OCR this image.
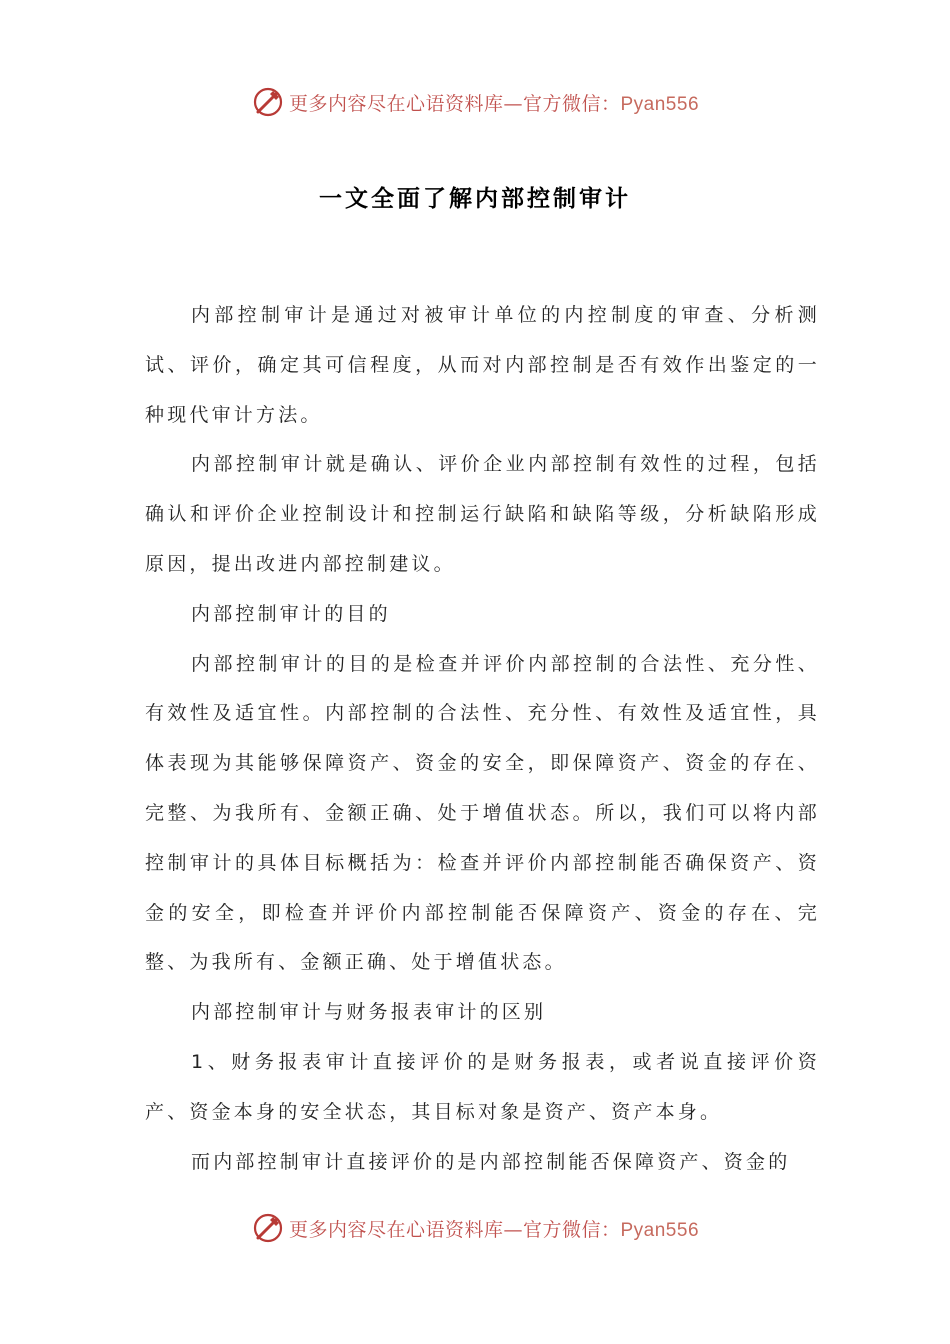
更多内容尽在心语资料库—官方微信：Pyan556
一文全面了解内部控制审计

内部控制审计是通过对被审计单位的内控制度的审查、分析测试、评价，确定其可信程度，从而对内部控制是否有效作出鉴定的一种现代审计方法。

内部控制审计就是确认、评价企业内部控制有效性的过程，包括确认和评价企业控制设计和控制运行缺陷和缺陷等级，分析缺陷形成原因，提出改进内部控制建议。

内部控制审计的目的

内部控制审计的目的是检查并评价内部控制的合法性、充分性、有效性及适宜性。内部控制的合法性、充分性、有效性及适宜性，具体表现为其能够保障资产、资金的安全，即保障资产、资金的存在、完整、为我所有、金额正确、处于增值状态。所以，我们可以将内部控制审计的具体目标概括为：检查并评价内部控制能否确保资产、资金的安全，即检查并评价内部控制能否保障资产、资金的存在、完整、为我所有、金额正确、处于增值状态。

内部控制审计与财务报表审计的区别

1、财务报表审计直接评价的是财务报表，或者说直接评价资产、资金本身的安全状态，其目标对象是资产、资产本身。

而内部控制审计直接评价的是内部控制能否保障资产、资金的

更多内容尽在心语资料库—官方微信：Pyan556
